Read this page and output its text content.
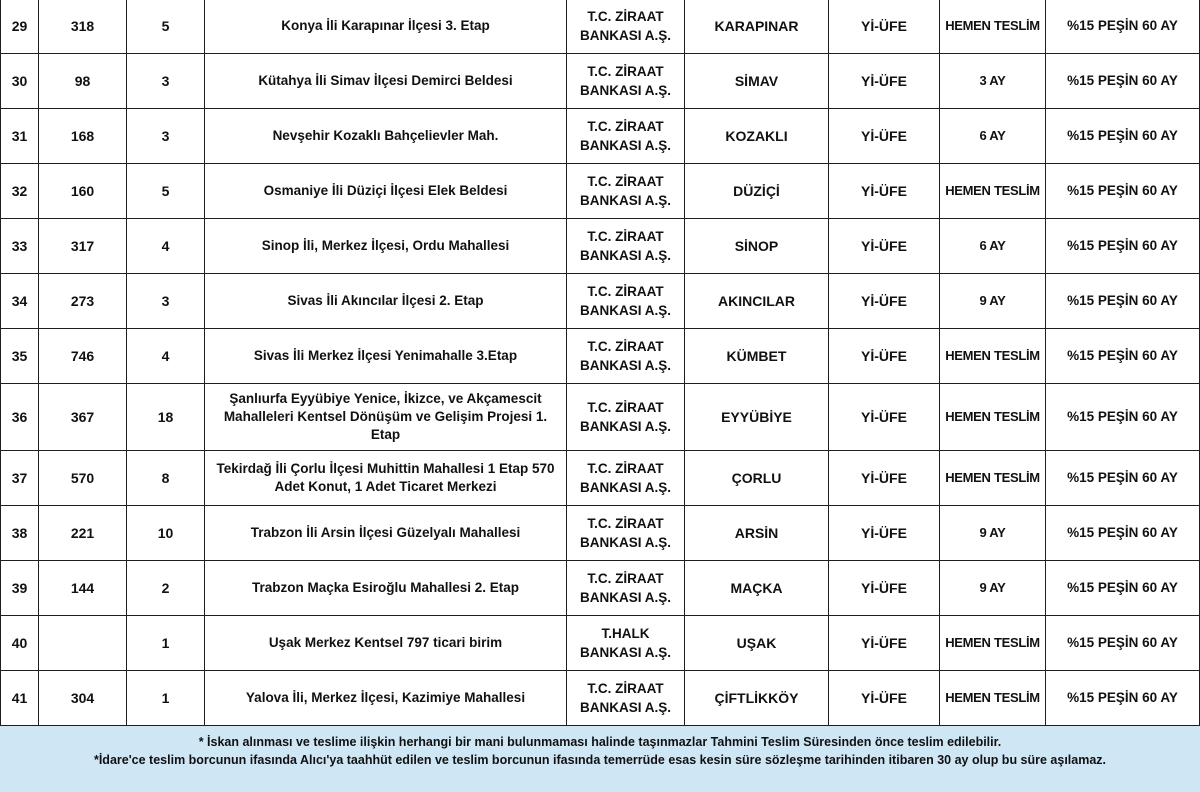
29	318	5	Konya İli Karapınar İlçesi 3. Etap	T.C. ZİRAAT
BANKASI A.Ş.	KARAPINAR	Yİ-ÜFE	HEMEN TESLİM	%15 PEŞİN 60 AY
30	98	3	Kütahya İli Simav İlçesi Demirci Beldesi	T.C. ZİRAAT
BANKASI A.Ş.	SİMAV	Yİ-ÜFE	3 AY	%15 PEŞİN 60 AY
31	168	3	Nevşehir Kozaklı Bahçelievler Mah.	T.C. ZİRAAT
BANKASI A.Ş.	KOZAKLI	Yİ-ÜFE	6 AY	%15 PEŞİN 60 AY
32	160	5	Osmaniye İli Düziçi İlçesi Elek Beldesi	T.C. ZİRAAT
BANKASI A.Ş.	DÜZİÇİ	Yİ-ÜFE	HEMEN TESLİM	%15 PEŞİN 60 AY
33	317	4	Sinop İli, Merkez İlçesi, Ordu Mahallesi	T.C. ZİRAAT
BANKASI A.Ş.	SİNOP	Yİ-ÜFE	6 AY	%15 PEŞİN 60 AY
34	273	3	Sivas İli Akıncılar İlçesi 2. Etap	T.C. ZİRAAT
BANKASI A.Ş.	AKINCILAR	Yİ-ÜFE	9 AY	%15 PEŞİN 60 AY
35	746	4	Sivas İli Merkez İlçesi Yenimahalle 3.Etap	T.C. ZİRAAT
BANKASI A.Ş.	KÜMBET	Yİ-ÜFE	HEMEN TESLİM	%15 PEŞİN 60 AY
36	367	18	Şanlıurfa Eyyübiye Yenice, İkizce, ve Akçamescit Mahalleleri Kentsel Dönüşüm ve Gelişim Projesi 1. Etap	T.C. ZİRAAT
BANKASI A.Ş.	EYYÜBİYE	Yİ-ÜFE	HEMEN TESLİM	%15 PEŞİN 60 AY
37	570	8	Tekirdağ İli Çorlu İlçesi Muhittin Mahallesi 1 Etap 570 Adet Konut, 1 Adet Ticaret Merkezi	T.C. ZİRAAT
BANKASI A.Ş.	ÇORLU	Yİ-ÜFE	HEMEN TESLİM	%15 PEŞİN 60 AY
38	221	10	Trabzon İli Arsin İlçesi Güzelyalı Mahallesi	T.C. ZİRAAT
BANKASI A.Ş.	ARSİN	Yİ-ÜFE	9 AY	%15 PEŞİN 60 AY
39	144	2	Trabzon Maçka Esiroğlu Mahallesi 2. Etap	T.C. ZİRAAT
BANKASI A.Ş.	MAÇKA	Yİ-ÜFE	9 AY	%15 PEŞİN 60 AY
40		1	Uşak Merkez Kentsel 797 ticari birim	T.HALK
BANKASI A.Ş.	UŞAK	Yİ-ÜFE	HEMEN TESLİM	%15 PEŞİN 60 AY
41	304	1	Yalova İli, Merkez İlçesi, Kazimiye Mahallesi	T.C. ZİRAAT
BANKASI A.Ş.	ÇİFTLİKKÖY	Yİ-ÜFE	HEMEN TESLİM	%15 PEŞİN 60 AY
* İskan alınması ve teslime ilişkin herhangi bir mani bulunmaması halinde taşınmazlar Tahmini Teslim Süresinden önce teslim edilebilir.
*İdare'ce teslim borcunun ifasında Alıcı'ya taahhüt edilen ve teslim borcunun ifasında temerrüde esas kesin süre sözleşme tarihinden itibaren 30 ay olup bu süre aşılamaz.
